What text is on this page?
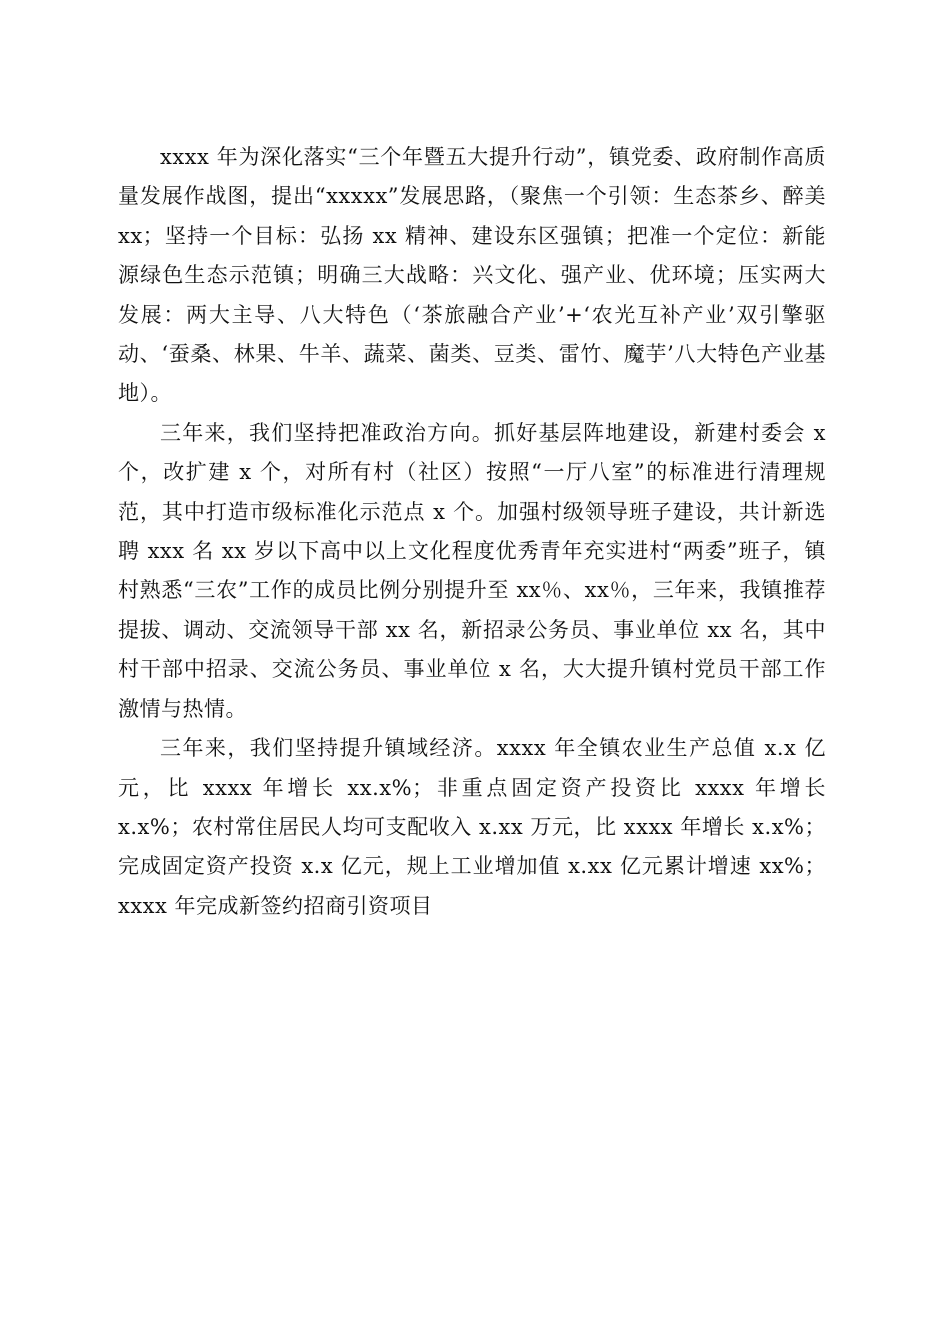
xxxx 年为深化落实“三个年暨五大提升行动”，镇党委、政府制作高质量发展作战图，提出“xxxxx”发展思路，（聚焦一个引领：生态茶乡、醉美 xx；坚持一个目标：弘扬 xx 精神、建设东区强镇；把准一个定位：新能源绿色生态示范镇；明确三大战略：兴文化、强产业、优环境；压实两大发展：两大主导、八大特色（‘茶旅融合产业’+‘农光互补产业’双引擎驱动、‘蚕桑、林果、牛羊、蔬菜、菌类、豆类、雷竹、魔芋’八大特色产业基地）。

三年来，我们坚持把准政治方向。抓好基层阵地建设，新建村委会 x 个，改扩建 x 个，对所有村（社区）按照“一厅八室”的标准进行清理规范，其中打造市级标准化示范点 x 个。加强村级领导班子建设，共计新选聘 xxx 名 xx 岁以下高中以上文化程度优秀青年充实进村“两委”班子，镇村熟悉“三农”工作的成员比例分别提升至 xx％、xx％，三年来，我镇推荐提拔、调动、交流领导干部 xx 名，新招录公务员、事业单位 xx 名，其中村干部中招录、交流公务员、事业单位 x 名，大大提升镇村党员干部工作激情与热情。

三年来，我们坚持提升镇域经济。xxxx 年全镇农业生产总值 x.x 亿元，比 xxxx 年增长 xx.x%；非重点固定资产投资比 xxxx 年增长 x.x%；农村常住居民人均可支配收入 x.xx 万元，比 xxxx 年增长 x.x%；完成固定资产投资 x.x 亿元，规上工业增加值 x.xx 亿元累计增速 xx%；xxxx 年完成新签约招商引资项目
